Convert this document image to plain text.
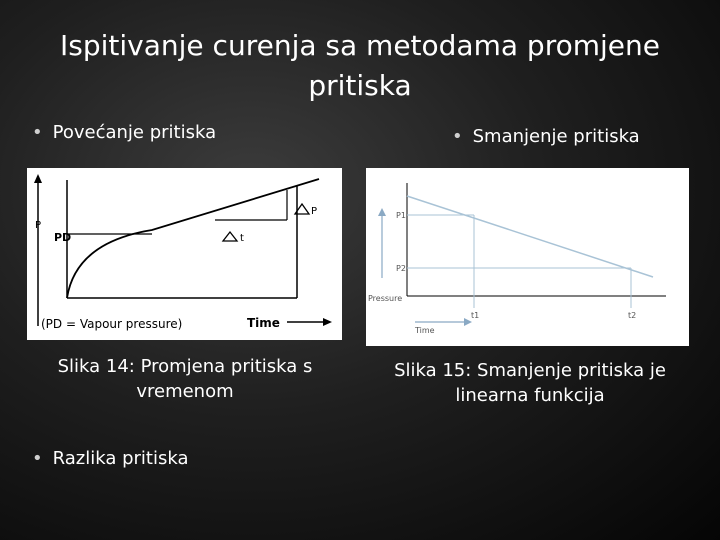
Ispitivanje curenja sa metodama promjene pritiska
• Povećanje pritiska	• Smanjenje pritiska
P
PD
P
t
(PD = Vapour pressure)	Time
P1
P2
Pressure
t1	t2
Time
Slika 14: Promjena pritiska s vremenom
Slika 15: Smanjenje pritiska je linearna funkcija
• Razlika pritiska
